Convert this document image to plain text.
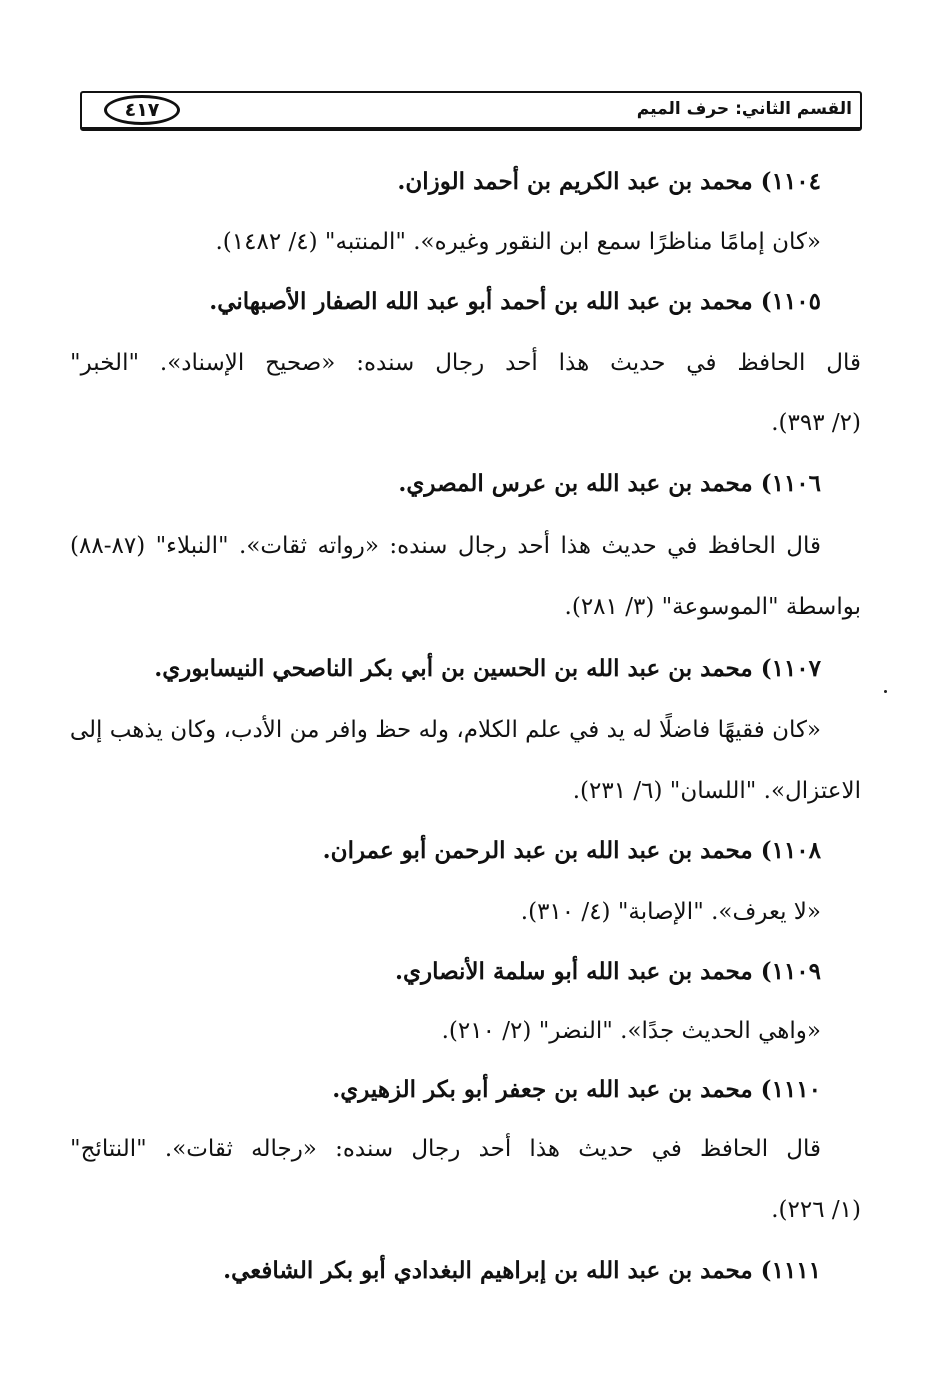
القسم الثاني: حرف الميم
٤١٧
١١٠٤) محمد بن عبد الكريم بن أحمد الوزان.
«كان إمامًا مناظرًا سمع ابن النقور وغيره». "المنتبه" (٤/ ١٤٨٢).
١١٠٥) محمد بن عبد الله بن أحمد أبو عبد الله الصفار الأصبهاني.
قال الحافظ في حديث هذا أحد رجال سنده: «صحيح الإسناد». "الخبر"
(٢/ ٣٩٣).
١١٠٦) محمد بن عبد الله بن عرس المصري.
قال الحافظ في حديث هذا أحد رجال سنده: «رواته ثقات». "النبلاء" (٨٧-٨٨)
بواسطة "الموسوعة" (٣/ ٢٨١).
١١٠٧) محمد بن عبد الله بن الحسين بن أبي بكر الناصحي النيسابوري.
«كان فقيهًا فاضلًا له يد في علم الكلام، وله حظ وافر من الأدب، وكان يذهب إلى
الاعتزال». "اللسان" (٦/ ٢٣١).
١١٠٨) محمد بن عبد الله بن عبد الرحمن أبو عمران.
«لا يعرف». "الإصابة" (٤/ ٣١٠).
١١٠٩) محمد بن عبد الله أبو سلمة الأنصاري.
«واهي الحديث جدًا». "النضر" (٢/ ٢١٠).
١١١٠) محمد بن عبد الله بن جعفر أبو بكر الزهيري.
قال الحافظ في حديث هذا أحد رجال سنده: «رجاله ثقات». "النتائج"
(١/ ٢٢٦).
١١١١) محمد بن عبد الله بن إبراهيم البغدادي أبو بكر الشافعي.
